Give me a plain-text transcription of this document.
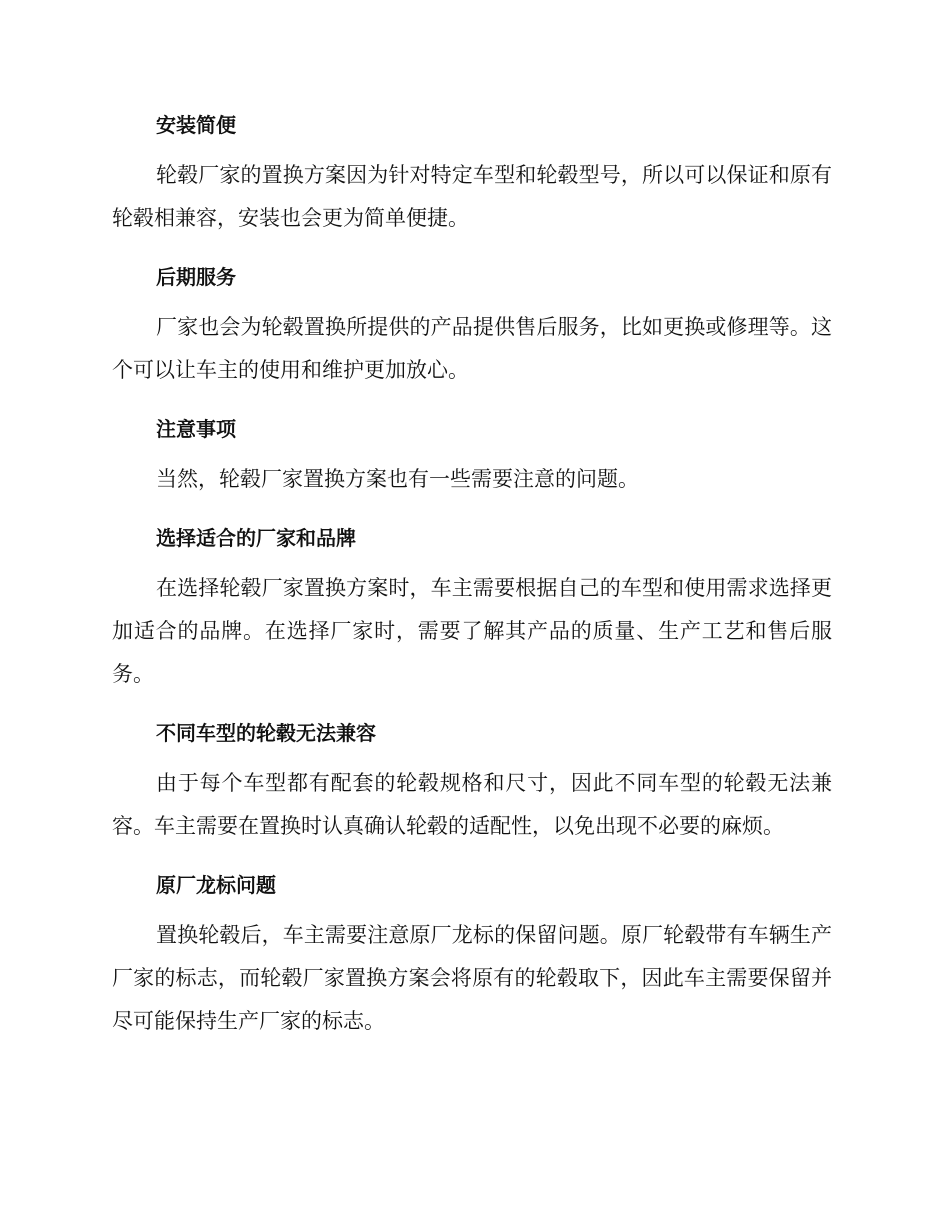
安装简便

轮毂厂家的置换方案因为针对特定车型和轮毂型号，所以可以保证和原有轮毂相兼容，安装也会更为简单便捷。

后期服务

厂家也会为轮毂置换所提供的产品提供售后服务，比如更换或修理等。这个可以让车主的使用和维护更加放心。

注意事项

当然，轮毂厂家置换方案也有一些需要注意的问题。

选择适合的厂家和品牌

在选择轮毂厂家置换方案时，车主需要根据自己的车型和使用需求选择更加适合的品牌。在选择厂家时，需要了解其产品的质量、生产工艺和售后服务。

不同车型的轮毂无法兼容

由于每个车型都有配套的轮毂规格和尺寸，因此不同车型的轮毂无法兼容。车主需要在置换时认真确认轮毂的适配性，以免出现不必要的麻烦。

原厂龙标问题

置换轮毂后，车主需要注意原厂龙标的保留问题。原厂轮毂带有车辆生产厂家的标志，而轮毂厂家置换方案会将原有的轮毂取下，因此车主需要保留并尽可能保持生产厂家的标志。
